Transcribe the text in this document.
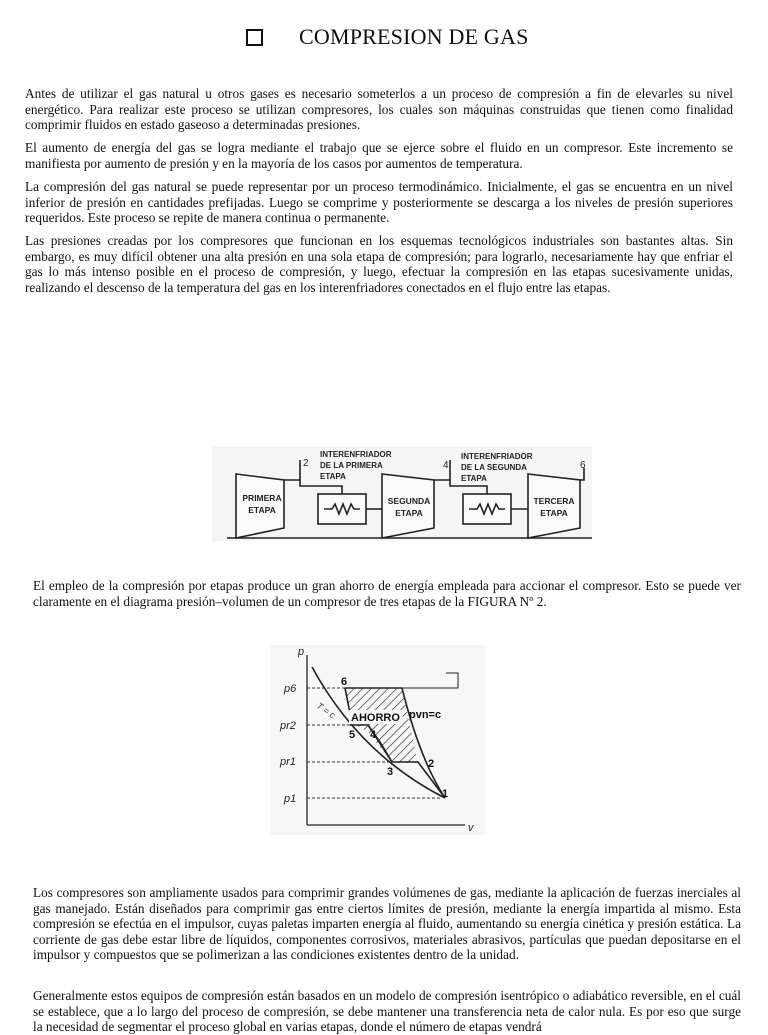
COMPRESION DE GAS

Antes de utilizar el gas natural u otros gases es necesario someterlos a un proceso de compresión a fin de elevarles su nivel energético. Para realizar este proceso se utilizan compresores, los cuales son máquinas construidas que tienen como finalidad comprimir fluidos en estado gaseoso a determinadas presiones.

El aumento de energía del gas se logra mediante el trabajo que se ejerce sobre el fluido en un compresor. Este incremento se manifiesta por aumento de presión y en la mayoría de los casos por aumentos de temperatura.

La compresión del gas natural se puede representar por un proceso termodinámico. Inicialmente, el gas se encuentra en un nivel inferior de presión en cantidades prefijadas. Luego se comprime y posteriormente se descarga a los niveles de presión superiores requeridos. Este proceso se repite de manera continua o permanente.

Las presiones creadas por los compresores que funcionan en los esquemas tecnológicos industriales son bastantes altas. Sin embargo, es muy difícil obtener una alta presión en una sola etapa de compresión; para lograrlo, necesariamente hay que enfriar el gas lo más intenso posible en el proceso de compresión, y luego, efectuar la compresión en las etapas sucesivamente unidas, realizando el descenso de la temperatura del gas en los interenfriadores conectados en el flujo entre las etapas.

PRIMERA
ETAPA
SEGUNDA
ETAPA
TERCERA
ETAPA
INTERENFRIADOR
DE LA PRIMERA
ETAPA
INTERENFRIADOR
DE LA SEGUNDA
ETAPA
2	4	6

El empleo de la compresión por etapas produce un gran ahorro de energía empleada para accionar el compresor. Esto se puede ver claramente en el diagrama presión–volumen de un compresor de tres etapas de la FIGURA Nº 2.

p
v
p6
pr2
pr1
p1
T = c AHORRO pvn=c
6
5 4
3
2
1

Los compresores son ampliamente usados para comprimir grandes volúmenes de gas, mediante la aplicación de fuerzas inerciales al gas manejado. Están diseñados para comprimir gas entre ciertos límites de presión, mediante la energía impartida al mismo. Esta compresión se efectúa en el impulsor, cuyas paletas imparten energía al fluido, aumentando su energía cinética y presión estática. La corriente de gas debe estar libre de líquidos, componentes corrosivos, materiales abrasivos, partículas que puedan depositarse en el impulsor y compuestos que se polimerizan a las condiciones existentes dentro de la unidad.

Generalmente estos equipos de compresión están basados en un modelo de compresión isentrópico o adiabático reversible, en el cuál se establece, que a lo largo del proceso de compresión, se debe mantener una transferencia neta de calor nula. Es por eso que surge la necesidad de segmentar el proceso global en varias etapas, donde el número de etapas vendrá
